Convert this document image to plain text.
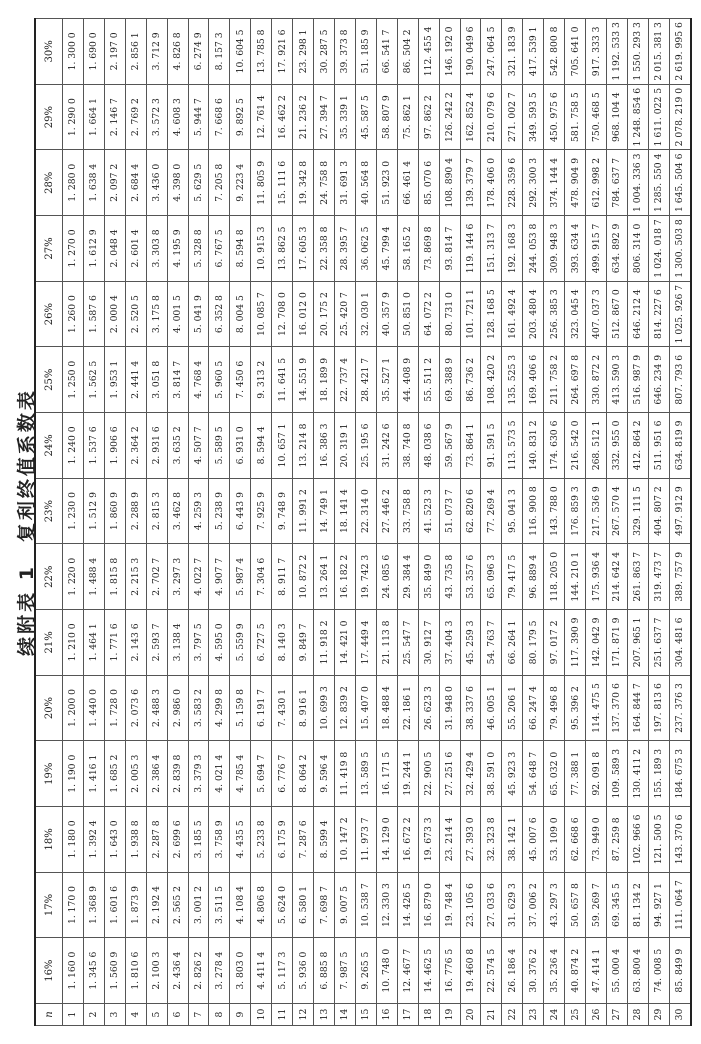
续附表 1　复利终值系数表
n	16%	17%	18%	19%	20%	21%	22%	23%	24%	25%	26%	27%	28%	29%	30%
1	1. 160 0	1. 170 0	1. 180 0	1. 190 0	1. 200 0	1. 210 0	1. 220 0	1. 230 0	1. 240 0	1. 250 0	1. 260 0	1. 270 0	1. 280 0	1. 290 0	1. 300 0
2	1. 345 6	1. 368 9	1. 392 4	1. 416 1	1. 440 0	1. 464 1	1. 488 4	1. 512 9	1. 537 6	1. 562 5	1. 587 6	1. 612 9	1. 638 4	1. 664 1	1. 690 0
3	1. 560 9	1. 601 6	1. 643 0	1. 685 2	1. 728 0	1. 771 6	1. 815 8	1. 860 9	1. 906 6	1. 953 1	2. 000 4	2. 048 4	2. 097 2	2. 146 7	2. 197 0
4	1. 810 6	1. 873 9	1. 938 8	2. 005 3	2. 073 6	2. 143 6	2. 215 3	2. 288 9	2. 364 2	2. 441 4	2. 520 5	2. 601 4	2. 684 4	2. 769 2	2. 856 1
5	2. 100 3	2. 192 4	2. 287 8	2. 386 4	2. 488 3	2. 593 7	2. 702 7	2. 815 3	2. 931 6	3. 051 8	3. 175 8	3. 303 8	3. 436 0	3. 572 3	3. 712 9
6	2. 436 4	2. 565 2	2. 699 6	2. 839 8	2. 986 0	3. 138 4	3. 297 3	3. 462 8	3. 635 2	3. 814 7	4. 001 5	4. 195 9	4. 398 0	4. 608 3	4. 826 8
7	2. 826 2	3. 001 2	3. 185 5	3. 379 3	3. 583 2	3. 797 5	4. 022 7	4. 259 3	4. 507 7	4. 768 4	5. 041 9	5. 328 8	5. 629 5	5. 944 7	6. 274 9
8	3. 278 4	3. 511 5	3. 758 9	4. 021 4	4. 299 8	4. 595 0	4. 907 7	5. 238 9	5. 589 5	5. 960 5	6. 352 8	6. 767 5	7. 205 8	7. 668 6	8. 157 3
9	3. 803 0	4. 108 4	4. 435 5	4. 785 4	5. 159 8	5. 559 9	5. 987 4	6. 443 9	6. 931 0	7. 450 6	8. 004 5	8. 594 8	9. 223 4	9. 892 5	10. 604 5
10	4. 411 4	4. 806 8	5. 233 8	5. 694 7	6. 191 7	6. 727 5	7. 304 6	7. 925 9	8. 594 4	9. 313 2	10. 085 7	10. 915 3	11. 805 9	12. 761 4	13. 785 8
11	5. 117 3	5. 624 0	6. 175 9	6. 776 7	7. 430 1	8. 140 3	8. 911 7	9. 748 9	10. 657 1	11. 641 5	12. 708 0	13. 862 5	15. 111 6	16. 462 2	17. 921 6
12	5. 936 0	6. 580 1	7. 287 6	8. 064 2	8. 916 1	9. 849 7	10. 872 2	11. 991 2	13. 214 8	14. 551 9	16. 012 0	17. 605 3	19. 342 8	21. 236 2	23. 298 1
13	6. 885 8	7. 698 7	8. 599 4	9. 596 4	10. 699 3	11. 918 2	13. 264 1	14. 749 1	16. 386 3	18. 189 9	20. 175 2	22. 358 8	24. 758 8	27. 394 7	30. 287 5
14	7. 987 5	9. 007 5	10. 147 2	11. 419 8	12. 839 2	14. 421 0	16. 182 2	18. 141 4	20. 319 1	22. 737 4	25. 420 7	28. 395 7	31. 691 3	35. 339 1	39. 373 8
15	9. 265 5	10. 538 7	11. 973 7	13. 589 5	15. 407 0	17. 449 4	19. 742 3	22. 314 0	25. 195 6	28. 421 7	32. 030 1	36. 062 5	40. 564 8	45. 587 5	51. 185 9
16	10. 748 0	12. 330 3	14. 129 0	16. 171 5	18. 488 4	21. 113 8	24. 085 6	27. 446 2	31. 242 6	35. 527 1	40. 357 9	45. 799 4	51. 923 0	58. 807 9	66. 541 7
17	12. 467 7	14. 426 5	16. 672 2	19. 244 1	22. 186 1	25. 547 7	29. 384 4	33. 758 8	38. 740 8	44. 408 9	50. 851 0	58. 165 2	66. 461 4	75. 862 1	86. 504 2
18	14. 462 5	16. 879 0	19. 673 3	22. 900 5	26. 623 3	30. 912 7	35. 849 0	41. 523 3	48. 038 6	55. 511 2	64. 072 2	73. 869 8	85. 070 6	97. 862 2	112. 455 4
19	16. 776 5	19. 748 4	23. 214 4	27. 251 6	31. 948 0	37. 404 3	43. 735 8	51. 073 7	59. 567 9	69. 388 9	80. 731 0	93. 814 7	108. 890 4	126. 242 2	146. 192 0
20	19. 460 8	23. 105 6	27. 393 0	32. 429 4	38. 337 6	45. 259 3	53. 357 6	62. 820 6	73. 864 1	86. 736 2	101. 721 1	119. 144 6	139. 379 7	162. 852 4	190. 049 6
21	22. 574 5	27. 033 6	32. 323 8	38. 591 0	46. 005 1	54. 763 7	65. 096 3	77. 269 4	91. 591 5	108. 420 2	128. 168 5	151. 313 7	178. 406 0	210. 079 6	247. 064 5
22	26. 186 4	31. 629 3	38. 142 1	45. 923 3	55. 206 1	66. 264 1	79. 417 5	95. 041 3	113. 573 5	135. 525 3	161. 492 4	192. 168 3	228. 359 6	271. 002 7	321. 183 9
23	30. 376 2	37. 006 2	45. 007 6	54. 648 7	66. 247 4	80. 179 5	96. 889 4	116. 900 8	140. 831 2	169. 406 6	203. 480 4	244. 053 8	292. 300 3	349. 593 5	417. 539 1
24	35. 236 4	43. 297 3	53. 109 0	65. 032 0	79. 496 8	97. 017 2	118. 205 0	143. 788 0	174. 630 6	211. 758 2	256. 385 3	309. 948 3	374. 144 4	450. 975 6	542. 800 8
25	40. 874 2	50. 657 8	62. 668 6	77. 388 1	95. 396 2	117. 390 9	144. 210 1	176. 859 3	216. 542 0	264. 697 8	323. 045 4	393. 634 4	478. 904 9	581. 758 5	705. 641 0
26	47. 414 1	59. 269 7	73. 949 0	92. 091 8	114. 475 5	142. 042 9	175. 936 4	217. 536 9	268. 512 1	330. 872 2	407. 037 3	499. 915 7	612. 998 2	750. 468 5	917. 333 3
27	55. 000 4	69. 345 5	87. 259 8	109. 589 3	137. 370 6	171. 871 9	214. 642 4	267. 570 4	332. 955 0	413. 590 3	512. 867 0	634. 892 9	784. 637 7	968. 104 4	1 192. 533 3
28	63. 800 4	81. 134 2	102. 966 6	130. 411 2	164. 844 7	207. 965 1	261. 863 7	329. 111 5	412. 864 2	516. 987 9	646. 212 4	806. 314 0	1 004. 336 3	1 248. 854 6	1 550. 293 3
29	74. 008 5	94. 927 1	121. 500 5	155. 189 3	197. 813 6	251. 637 7	319. 473 7	404. 807 2	511. 951 6	646. 234 9	814. 227 6	1 024. 018 7	1 285. 550 4	1 611. 022 5	2 015. 381 3
30	85. 849 9	111. 064 7	143. 370 6	184. 675 3	237. 376 3	304. 481 6	389. 757 9	497. 912 9	634. 819 9	807. 793 6	1 025. 926 7	1 300. 503 8	1 645. 504 6	2 078. 219 0	2 619. 995 6
